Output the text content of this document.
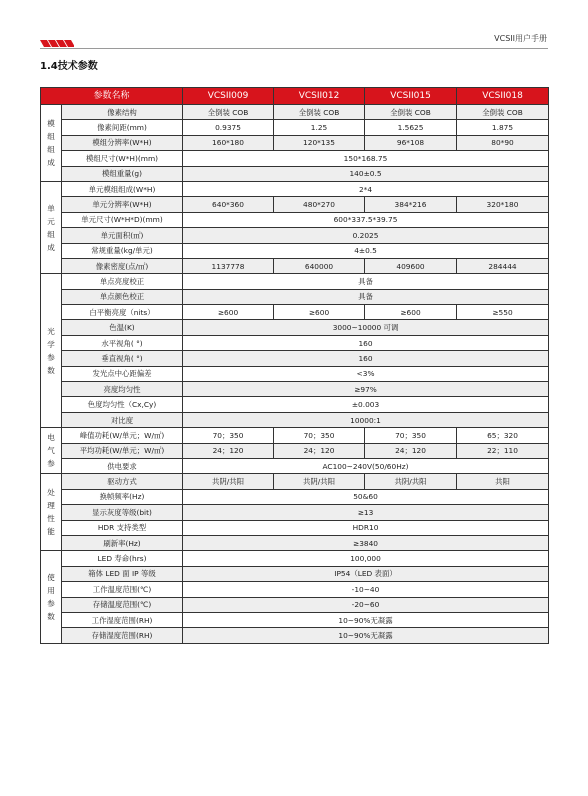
VCSII用户手册
1.4技术参数
参数名称		VCSII009	VCSII012	VCSII015	VCSII018

模
组
组
成	像素结构	全倒装 COB	全倒装 COB	全倒装 COB	全倒装 COB
	像素间距(mm)	0.9375	1.25	1.5625	1.875
	模组分辨率(W*H)	160*180	120*135	96*108	80*90
	模组尺寸(W*H)(mm)	150*168.75			
	模组重量(g)	140±0.5			

单
元
组
成	单元模组组成(W*H)	2*4			
	单元分辨率(W*H)	640*360	480*270	384*216	320*180
	单元尺寸(W*H*D)(mm)	600*337.5*39.75			
	单元面积(㎡)	0.2025			
	常规重量(kg/单元)	4±0.5			
	像素密度(点/㎡)	1137778	640000	409600	284444

光
学
参
数	单点亮度校正	具备			
	单点颜色校正	具备			
	白平衡亮度（nits）	≥600	≥600	≥600	≥550
	色温(K)	3000~10000 可调			
	水平视角( °)	160			
	垂直视角( °)	160			
	发光点中心距偏差	<3%			
	亮度均匀性	≥97%			
	色度均匀性（Cx,Cy)	±0.003			
	对比度	10000:1			

电
气
参	峰值功耗(W/单元；W/㎡)	70；350	70；350	70；350	65；320
	平均功耗(W/单元；W/㎡)	24；120	24；120	24；120	22；110
	供电要求	AC100~240V(50/60Hz)			

处
理
性
能	驱动方式	共阴/共阳	共阴/共阳	共阴/共阳	共阳
	换帧频率(Hz)	50&60			
	显示灰度等级(bit)	≥13			
	HDR 支持类型	HDR10			
	刷新率(Hz)	≥3840			

使
用
参
数	LED 寿命(hrs)	100,000			
	箱体 LED 面 IP 等级	IP54（LED 表面）			
	工作温度范围(℃)	-10~40			
	存储温度范围(℃)	-20~60			
	工作湿度范围(RH)	10~90%无凝露			
	存储湿度范围(RH)	10~90%无凝露			
